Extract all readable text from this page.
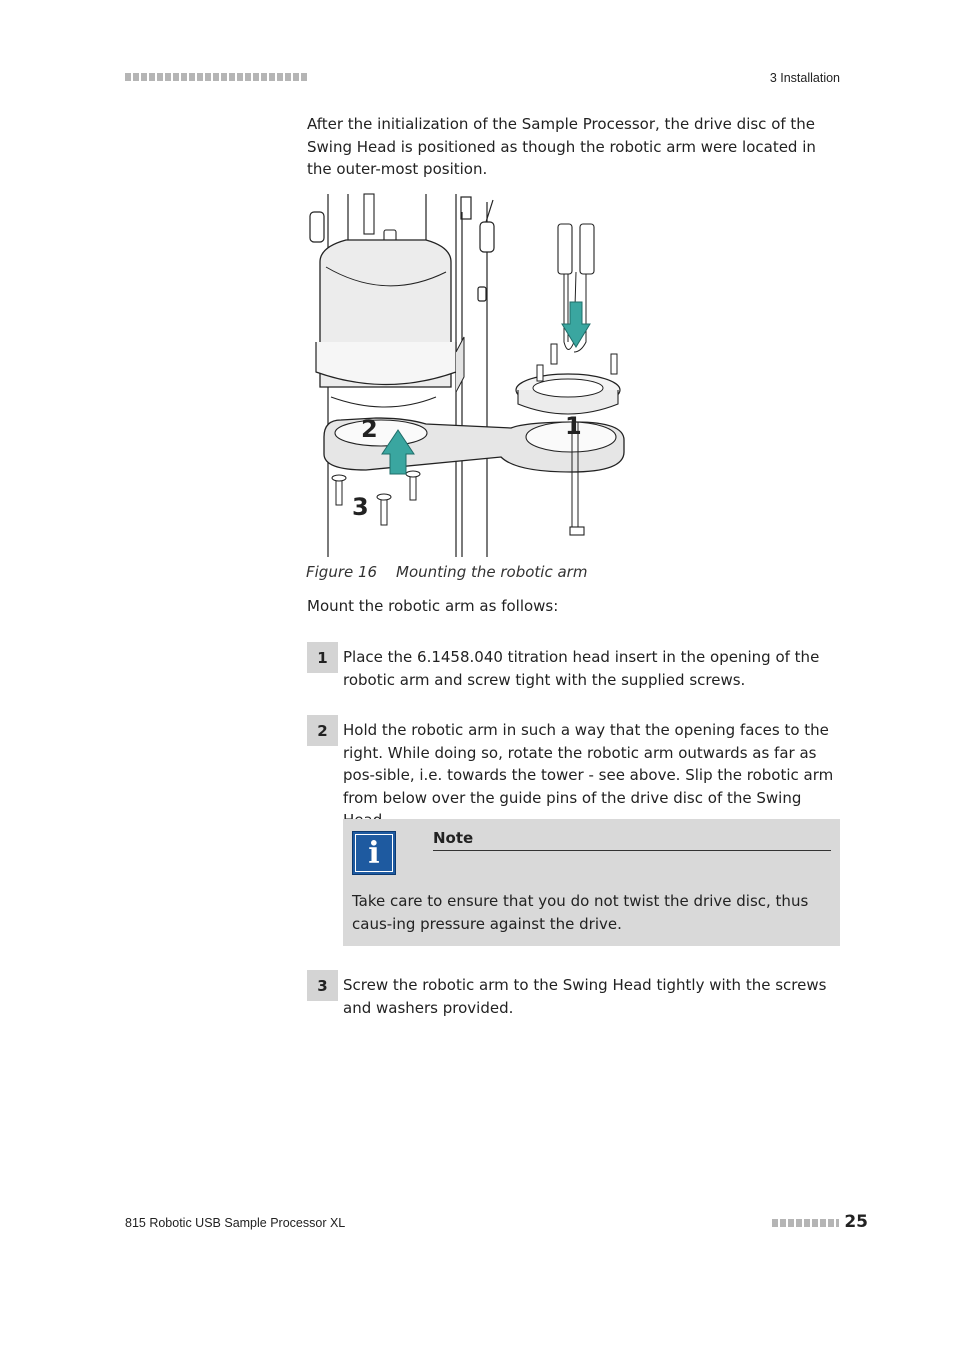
3 Installation

After the initialization of the Sample Processor, the drive disc of the Swing Head is positioned as though the robotic arm were located in the outer-most position.

2	1
3
Figure 16 Mounting the robotic arm

Mount the robotic arm as follows:

1	Place the 6.1458.040 titration head insert in the opening of the robotic arm and screw tight with the supplied screws.

2	Hold the robotic arm in such a way that the opening faces to the right. While doing so, rotate the robotic arm outwards as far as pos-sible, i.e. towards the tower - see above. Slip the robotic arm from below over the guide pins of the drive disc of the Swing

i	Note

Take care to ensure that you do not twist the drive disc, thus caus-ing pressure against the drive.

3	Screw the robotic arm to the Swing Head tightly with the screws and washers provided.

815 Robotic USB Sample Processor XL	25
